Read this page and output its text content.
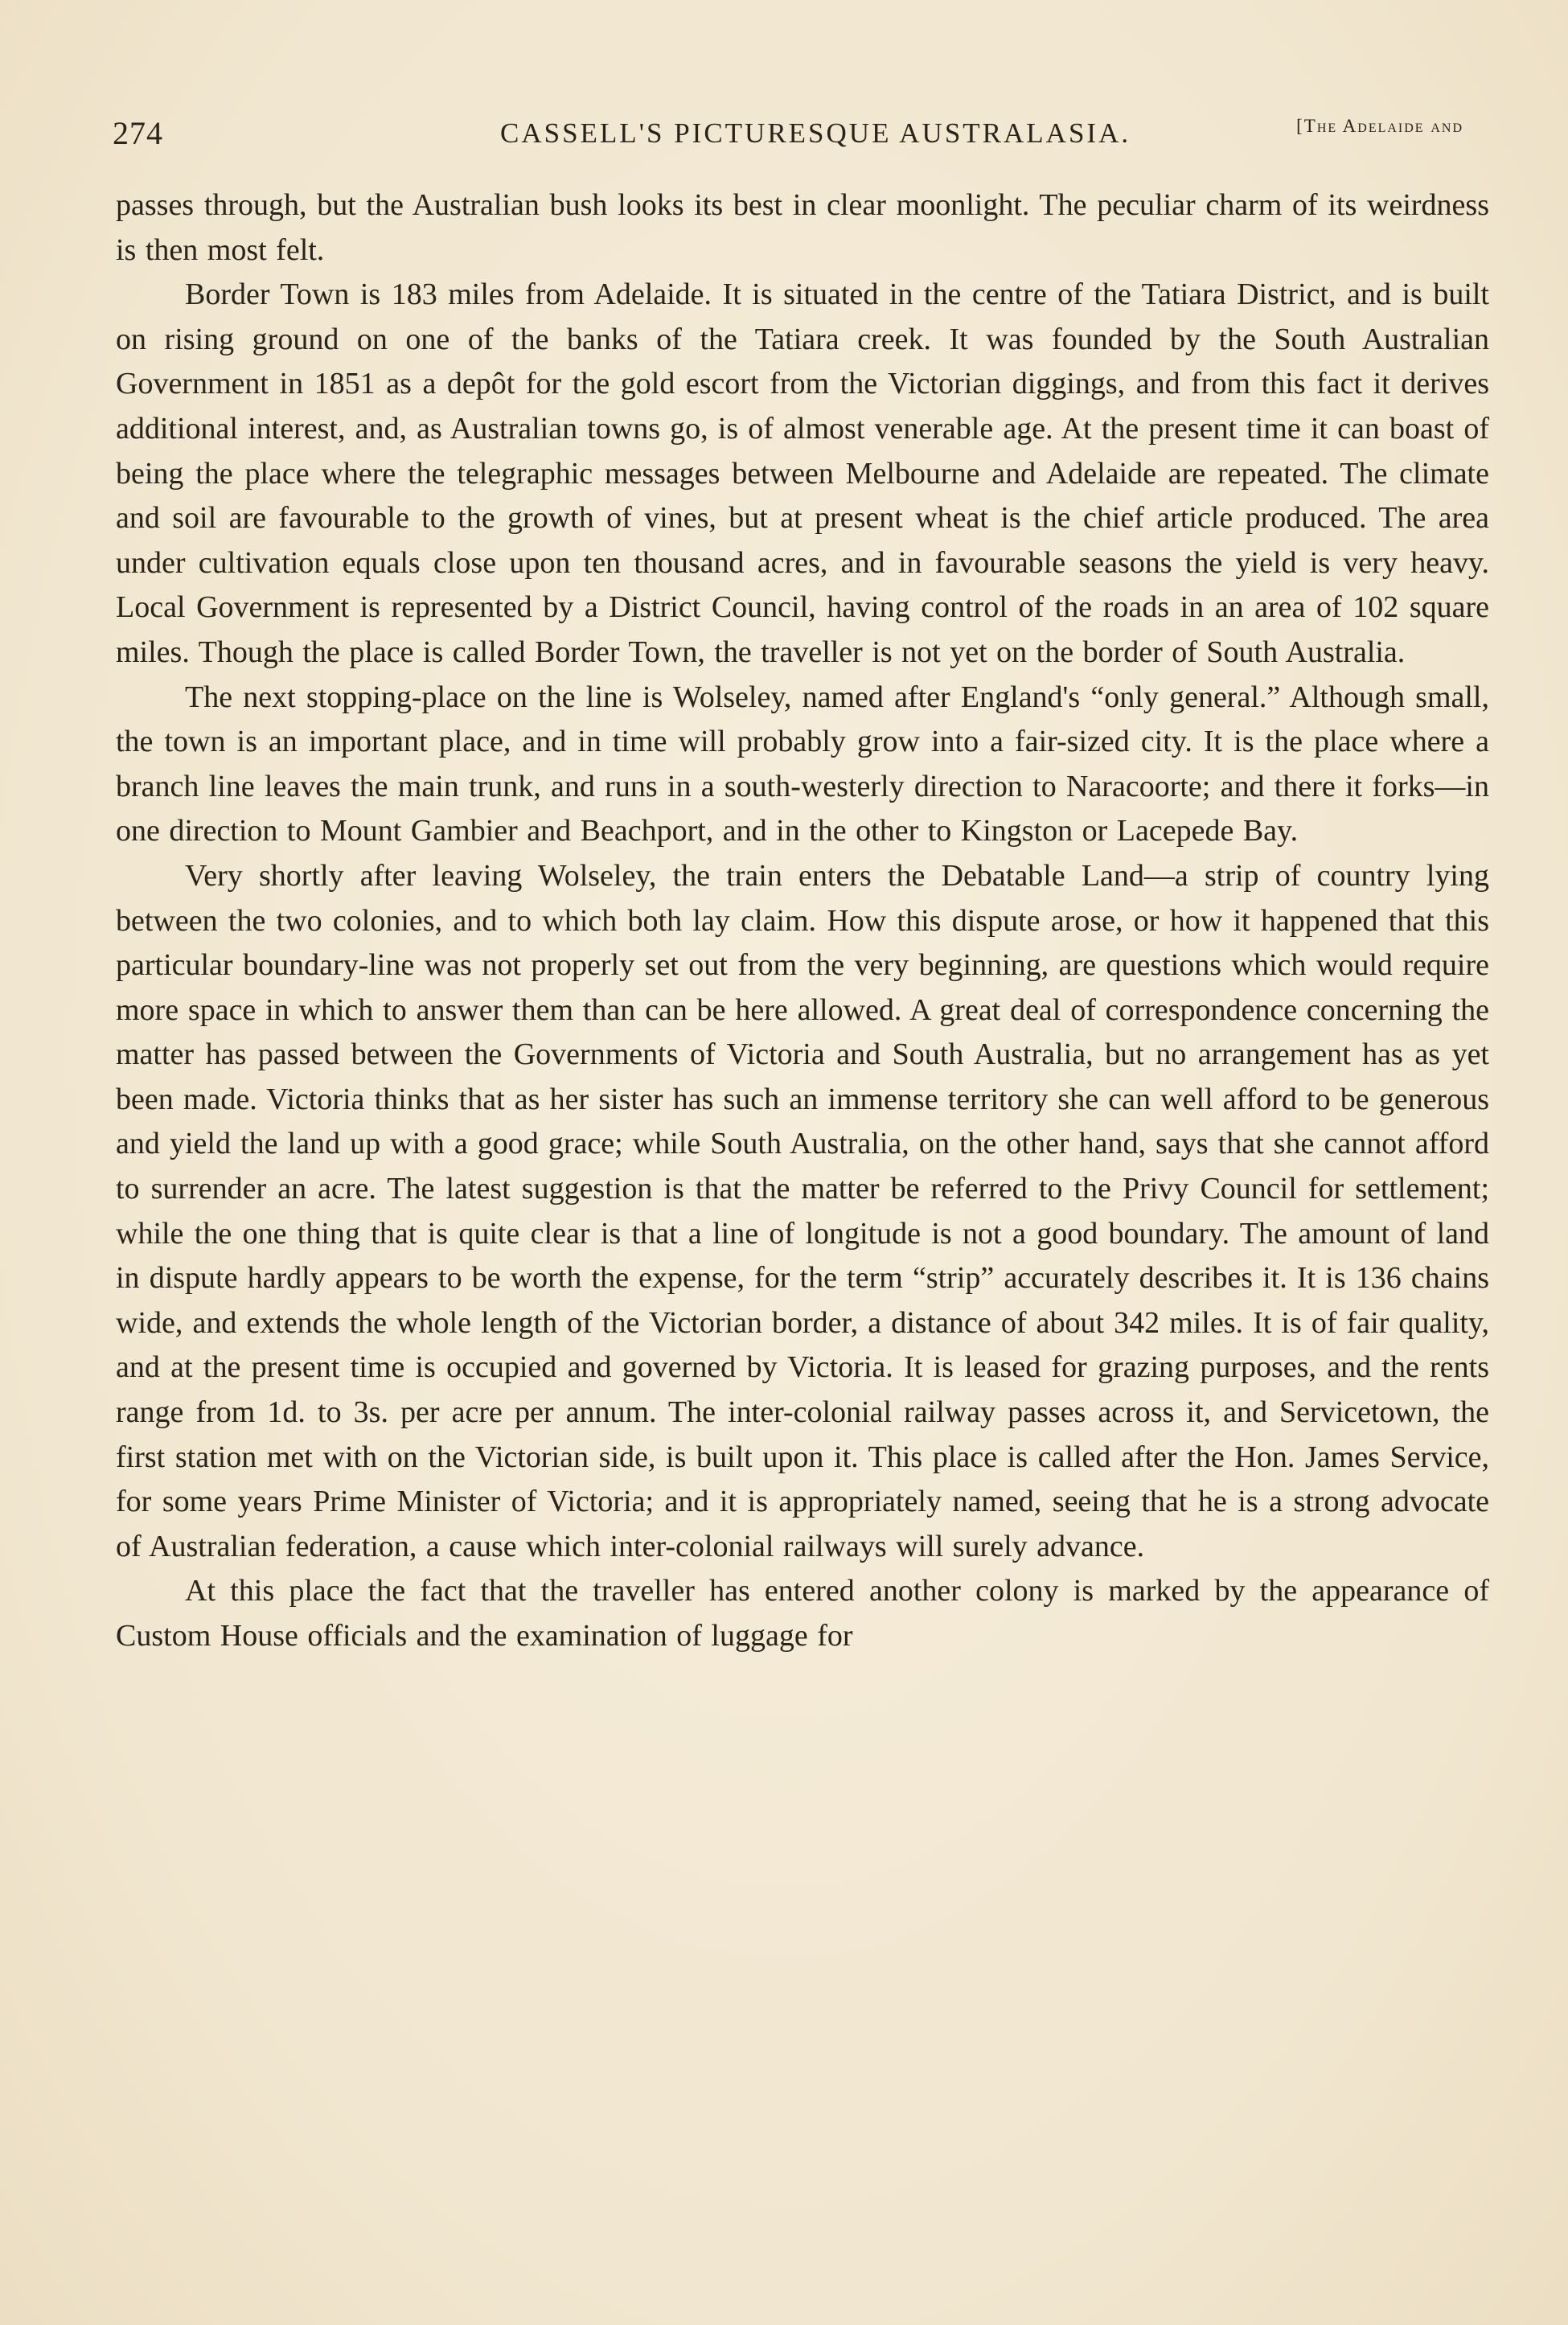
274	CASSELL'S PICTURESQUE AUSTRALASIA.	[The Adelaide and

passes through, but the Australian bush looks its best in clear moonlight. The peculiar charm of its weirdness is then most felt.

Border Town is 183 miles from Adelaide. It is situated in the centre of the Tatiara District, and is built on rising ground on one of the banks of the Tatiara creek. It was founded by the South Australian Government in 1851 as a depôt for the gold escort from the Victorian diggings, and from this fact it derives additional interest, and, as Australian towns go, is of almost venerable age. At the present time it can boast of being the place where the telegraphic messages between Melbourne and Adelaide are repeated. The climate and soil are favourable to the growth of vines, but at present wheat is the chief article produced. The area under cultivation equals close upon ten thousand acres, and in favourable seasons the yield is very heavy. Local Government is represented by a District Council, having control of the roads in an area of 102 square miles. Though the place is called Border Town, the traveller is not yet on the border of South Australia.

The next stopping-place on the line is Wolseley, named after England's “only general.” Although small, the town is an important place, and in time will probably grow into a fair-sized city. It is the place where a branch line leaves the main trunk, and runs in a south-westerly direction to Naracoorte; and there it forks—in one direction to Mount Gambier and Beachport, and in the other to Kingston or Lacepede Bay.

Very shortly after leaving Wolseley, the train enters the Debatable Land—a strip of country lying between the two colonies, and to which both lay claim. How this dispute arose, or how it happened that this particular boundary-line was not properly set out from the very beginning, are questions which would require more space in which to answer them than can be here allowed. A great deal of correspondence concerning the matter has passed between the Governments of Victoria and South Australia, but no arrangement has as yet been made. Victoria thinks that as her sister has such an immense territory she can well afford to be generous and yield the land up with a good grace; while South Australia, on the other hand, says that she cannot afford to surrender an acre. The latest suggestion is that the matter be referred to the Privy Council for settlement; while the one thing that is quite clear is that a line of longitude is not a good boundary. The amount of land in dispute hardly appears to be worth the expense, for the term “strip” accurately describes it. It is 136 chains wide, and extends the whole length of the Victorian border, a distance of about 342 miles. It is of fair quality, and at the present time is occupied and governed by Victoria. It is leased for grazing purposes, and the rents range from 1d. to 3s. per acre per annum. The inter-colonial railway passes across it, and Servicetown, the first station met with on the Victorian side, is built upon it. This place is called after the Hon. James Service, for some years Prime Minister of Victoria; and it is appropriately named, seeing that he is a strong advocate of Australian federation, a cause which inter-colonial railways will surely advance.

At this place the fact that the traveller has entered another colony is marked by the appearance of Custom House officials and the examination of luggage for
